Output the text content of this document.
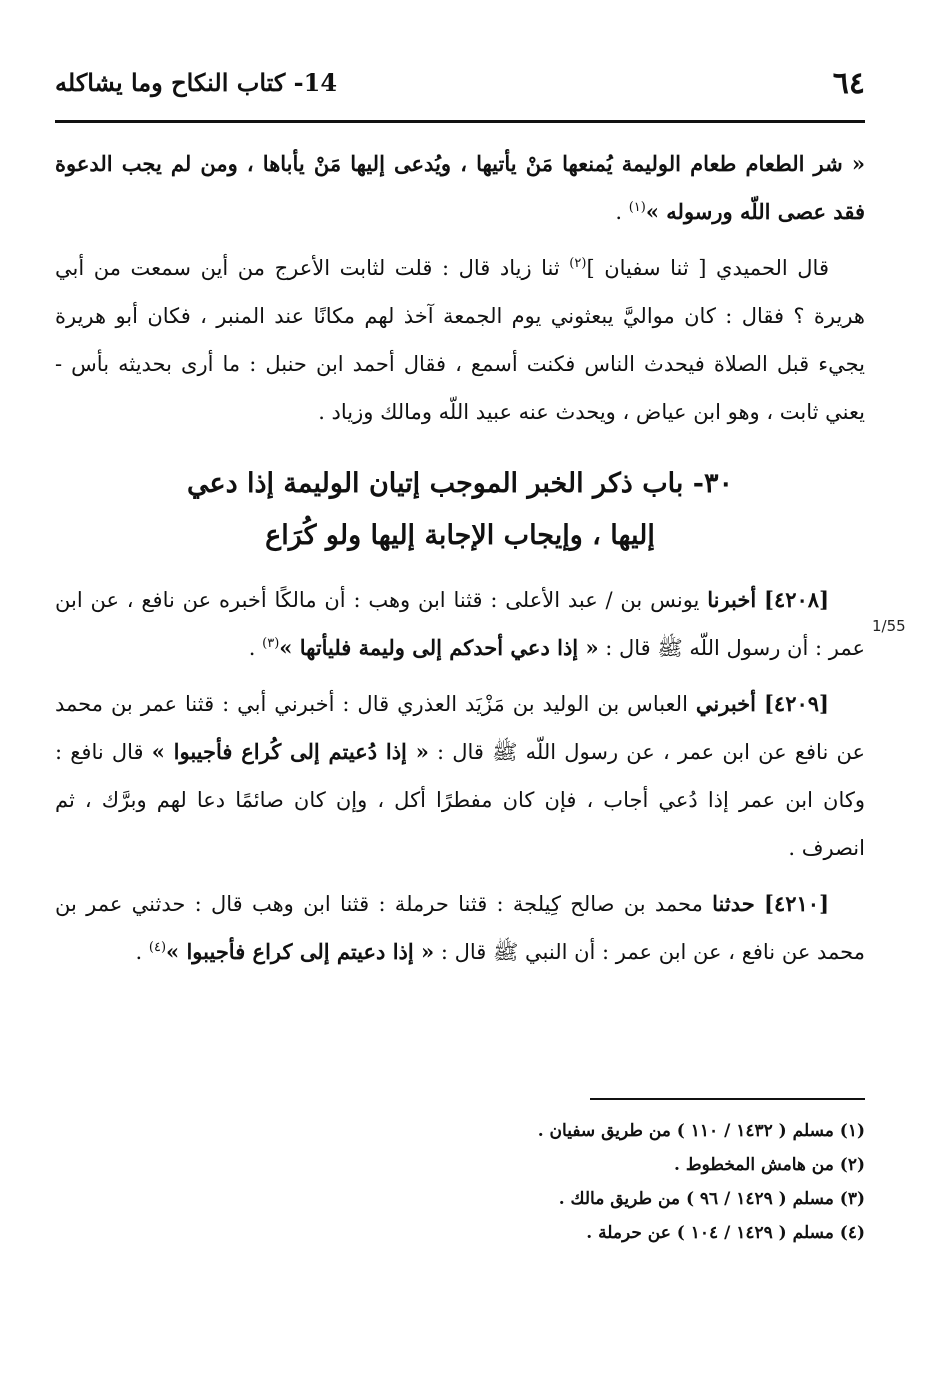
٦٤
14- كتاب النكاح وما يشاكله
1/55

« شر الطعام طعام الوليمة يُمنعها مَنْ يأتيها ، ويُدعى إليها مَنْ يأباها ، ومن لم يجب الدعوة فقد عصى اللّه ورسوله »$^{(١)}$ .

قال الحميدي [ ثنا سفيان ]$^{(٢)}$ ثنا زياد قال : قلت لثابت الأعرج من أين سمعت من أبي هريرة ؟ فقال : كان مواليَّ يبعثوني يوم الجمعة آخذ لهم مكانًا عند المنبر ، فكان أبو هريرة يجيء قبل الصلاة فيحدث الناس فكنت أسمع ، فقال أحمد ابن حنبل : ما أرى بحديثه بأس - يعني ثابت ، وهو ابن عياض ، ويحدث عنه عبيد اللّه ومالك وزياد .

٣٠- باب ذكر الخبر الموجب إتيان الوليمة إذا دعي
إليها ، وإيجاب الإجابة إليها ولو كُرَاع

[٤٢٠٨] أخبرنا يونس بن / عبد الأعلى : قثنا ابن وهب : أن مالكًا أخبره عن نافع ، عن ابن عمر : أن رسول اللّه ﷺ قال : « إذا دعي أحدكم إلى وليمة فليأتها »$^{(٣)}$ .

[٤٢٠٩] أخبرني العباس بن الوليد بن مَزْيَد العذري قال : أخبرني أبي : قثنا عمر بن محمد عن نافع عن ابن عمر ، عن رسول اللّه ﷺ قال : « إذا دُعيتم إلى كُراع فأجيبوا » قال نافع : وكان ابن عمر إذا دُعي أجاب ، فإن كان مفطرًا أكل ، وإن كان صائمًا دعا لهم وبرَّك ، ثم انصرف .

[٤٢١٠] حدثنا محمد بن صالح كِيلجة : قثنا حرملة : قثنا ابن وهب قال : حدثني عمر بن محمد عن نافع ، عن ابن عمر : أن النبي ﷺ قال : « إذا دعيتم إلى كراع فأجيبوا »$^{(٤)}$ .

(١) مسلم ( ١٤٣٢ / ١١٠ ) من طريق سفيان .

(٢) من هامش المخطوط .

(٣) مسلم ( ١٤٢٩ / ٩٦ ) من طريق مالك .

(٤) مسلم ( ١٤٢٩ / ١٠٤ ) عن حرملة .
